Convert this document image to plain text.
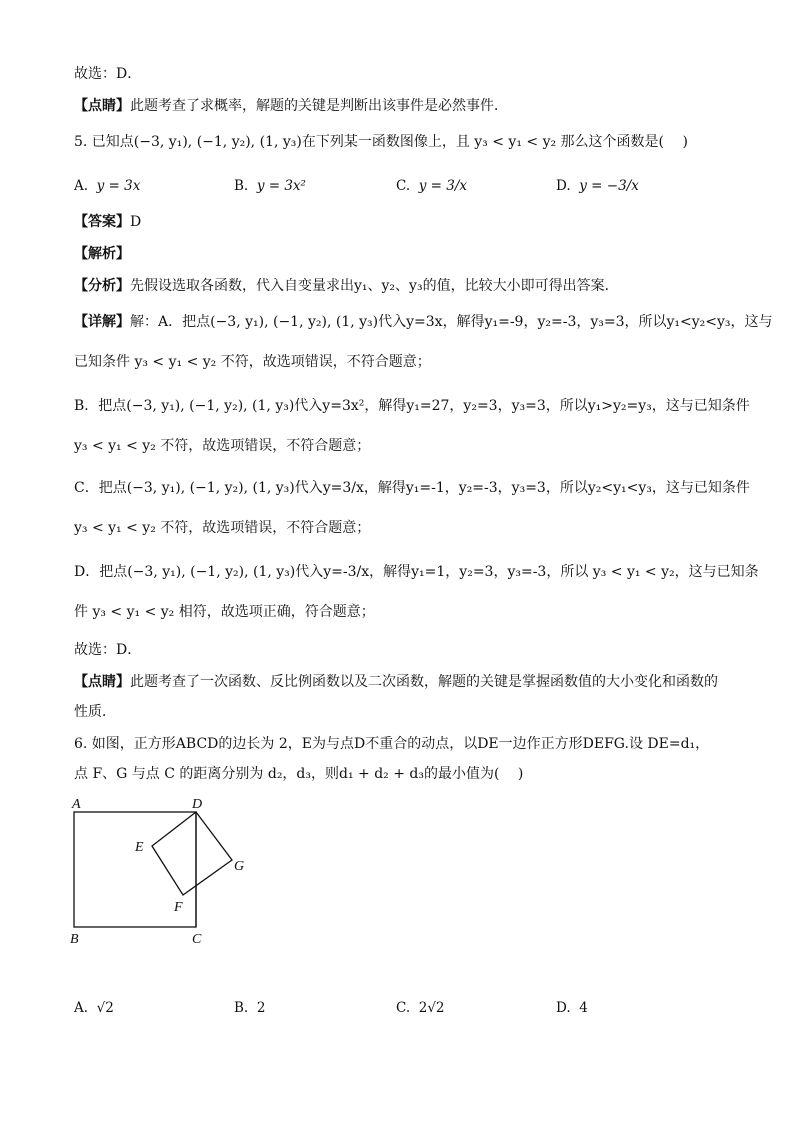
故选：D．
【点睛】此题考查了求概率，解题的关键是判断出该事件是必然事件．
5. 已知点(−3, y₁), (−1, y₂), (1, y₃)在下列某一函数图像上，且 y₃ < y₁ < y₂ 那么这个函数是(　 )
A. y = 3x	B. y = 3x²	C. y = 3/x	D. y = −3/x
【答案】D
【解析】
【分析】先假设选取各函数，代入自变量求出y₁、y₂、y₃的值，比较大小即可得出答案．
【详解】解：A．把点(−3, y₁), (−1, y₂), (1, y₃)代入y=3x，解得y₁=-9，y₂=-3，y₃=3，所以y₁<y₂<y₃，这与
已知条件 y₃ < y₁ < y₂ 不符，故选项错误，不符合题意；
B．把点(−3, y₁), (−1, y₂), (1, y₃)代入y=3x²，解得y₁=27，y₂=3，y₃=3，所以y₁>y₂=y₃，这与已知条件
y₃ < y₁ < y₂ 不符，故选项错误，不符合题意；
C．把点(−3, y₁), (−1, y₂), (1, y₃)代入y=3/x，解得y₁=-1，y₂=-3，y₃=3，所以y₂<y₁<y₃，这与已知条件
y₃ < y₁ < y₂ 不符，故选项错误，不符合题意；
D．把点(−3, y₁), (−1, y₂), (1, y₃)代入y=-3/x，解得y₁=1，y₂=3，y₃=-3，所以 y₃ < y₁ < y₂，这与已知条
件 y₃ < y₁ < y₂ 相符，故选项正确，符合题意；
故选：D．
【点睛】此题考查了一次函数、反比例函数以及二次函数，解题的关键是掌握函数值的大小变化和函数的
性质．
6. 如图，正方形ABCD的边长为 2，E为与点D不重合的动点，以DE一边作正方形DEFG.设 DE=d₁，
点 F、G 与点 C 的距离分别为 d₂，d₃，则d₁ + d₂ + d₃的最小值为(　 )
A	D
B	C
E
F
G
A. √2	B. 2	C. 2√2	D. 4
